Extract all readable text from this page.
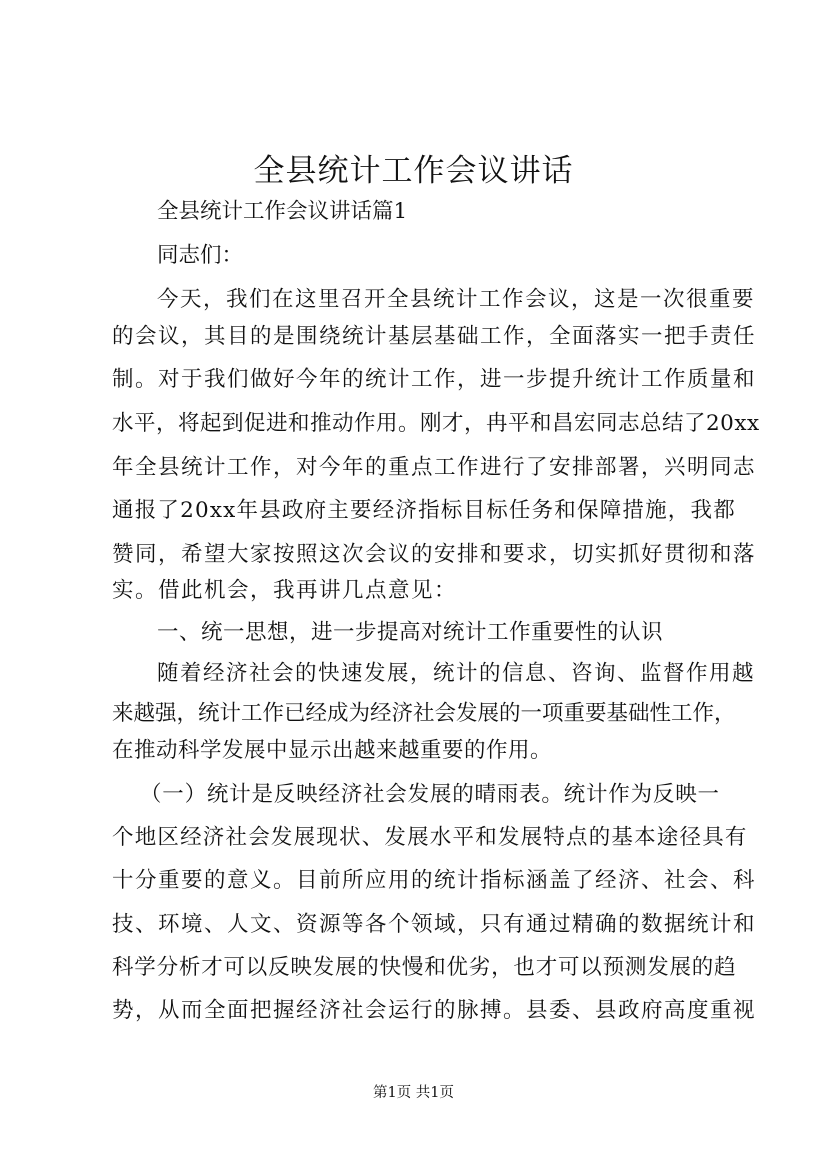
全县统计工作会议讲话
全县统计工作会议讲话篇1
同志们：
今天，我们在这里召开全县统计工作会议，这是一次很重要
的会议，其目的是围绕统计基层基础工作，全面落实一把手责任
制。对于我们做好今年的统计工作，进一步提升统计工作质量和
水平，将起到促进和推动作用。刚才，冉平和昌宏同志总结了20xx
年全县统计工作，对今年的重点工作进行了安排部署，兴明同志
通报了20xx年县政府主要经济指标目标任务和保障措施，我都
赞同，希望大家按照这次会议的安排和要求，切实抓好贯彻和落
实。借此机会，我再讲几点意见：
一、统一思想，进一步提高对统计工作重要性的认识
随着经济社会的快速发展，统计的信息、咨询、监督作用越
来越强，统计工作已经成为经济社会发展的一项重要基础性工作，
在推动科学发展中显示出越来越重要的作用。
（一）统计是反映经济社会发展的晴雨表。统计作为反映一
个地区经济社会发展现状、发展水平和发展特点的基本途径具有
十分重要的意义。目前所应用的统计指标涵盖了经济、社会、科
技、环境、人文、资源等各个领域，只有通过精确的数据统计和
科学分析才可以反映发展的快慢和优劣，也才可以预测发展的趋
势，从而全面把握经济社会运行的脉搏。县委、县政府高度重视
第1页 共1页
